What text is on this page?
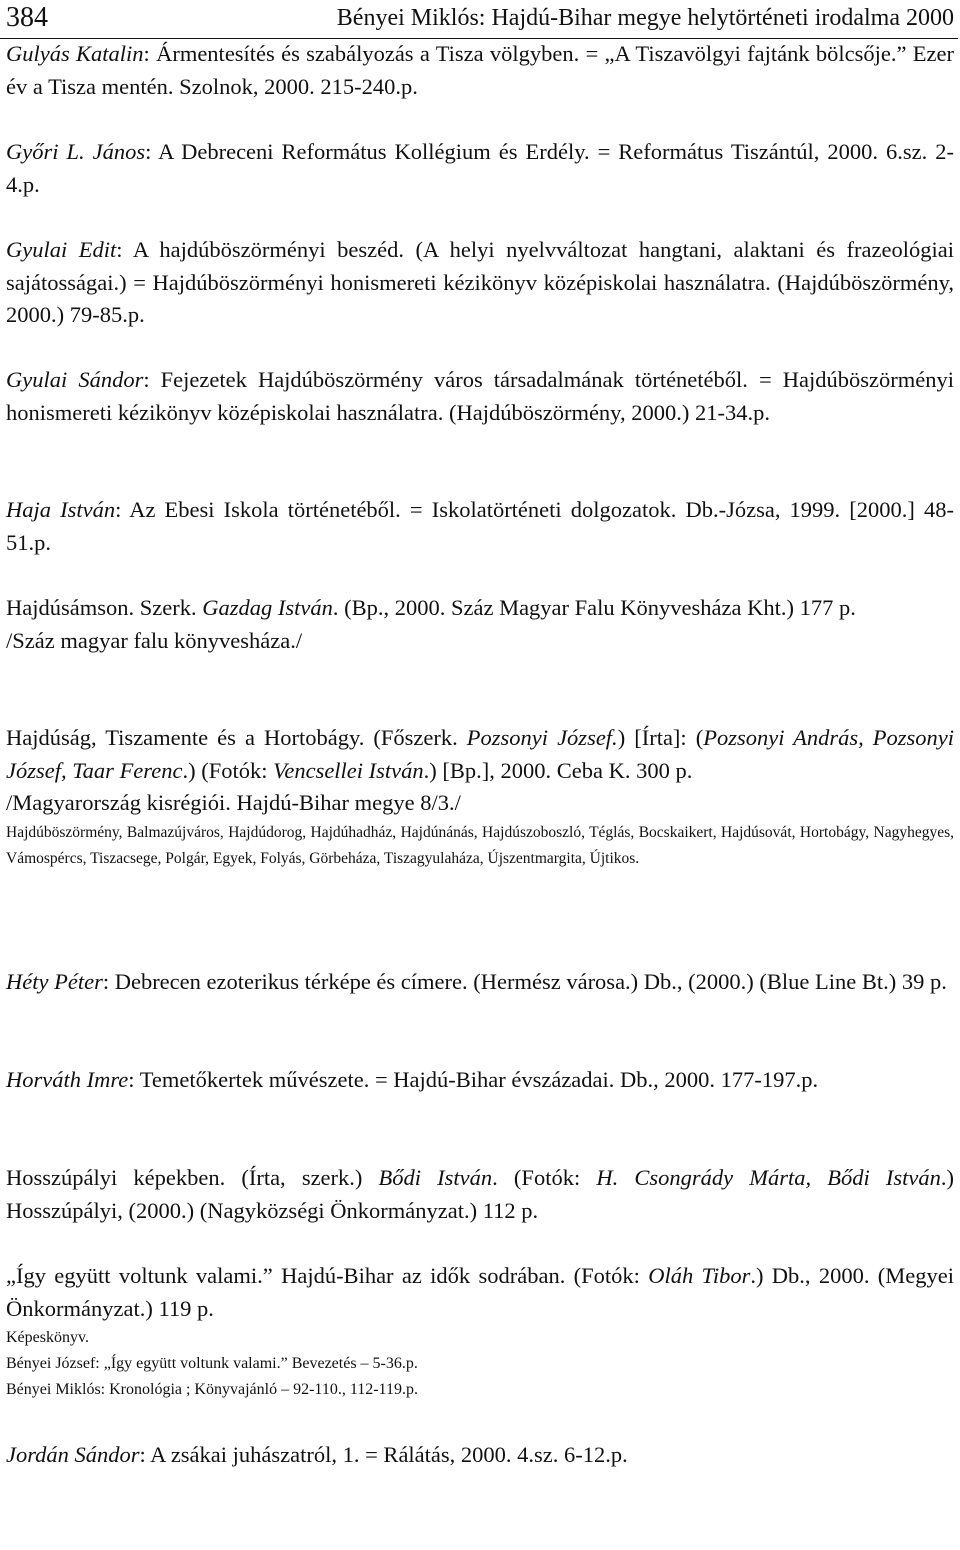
384	Bényei Miklós: Hajdú-Bihar megye helytörténeti irodalma 2000

Gulyás Katalin: Ármentesítés és szabályozás a Tisza völgyben. = „A Tiszavölgyi fajtánk bölcsője.” Ezer év a Tisza mentén. Szolnok, 2000. 215-240.p.

Győri L. János: A Debreceni Református Kollégium és Erdély. = Református Tiszántúl, 2000. 6.sz. 2-4.p.

Gyulai Edit: A hajdúböszörményi beszéd. (A helyi nyelvváltozat hangtani, alaktani és frazeológiai sajátosságai.) = Hajdúböszörményi honismereti kézikönyv középiskolai használatra. (Hajdúböszörmény, 2000.) 79-85.p.

Gyulai Sándor: Fejezetek Hajdúböszörmény város társadalmának történetéből. = Hajdúböszörményi honismereti kézikönyv középiskolai használatra. (Hajdúböszörmény, 2000.) 21-34.p.

Haja István: Az Ebesi Iskola történetéből. = Iskolatörténeti dolgozatok. Db.-Józsa, 1999. [2000.] 48-51.p.

Hajdúsámson. Szerk. Gazdag István. (Bp., 2000. Száz Magyar Falu Könyvesháza Kht.) 177 p.

/Száz magyar falu könyvesháza./

Hajdúság, Tiszamente és a Hortobágy. (Főszerk. Pozsonyi József.) [Írta]: (Pozsonyi András, Pozsonyi József, Taar Ferenc.) (Fotók: Vencsellei István.) [Bp.], 2000. Ceba K. 300 p.

/Magyarország kisrégiói. Hajdú-Bihar megye 8/3./

Hajdúböszörmény, Balmazújváros, Hajdúdorog, Hajdúhadház, Hajdúnánás, Hajdúszoboszló, Téglás, Bocskaikert, Hajdúsovát, Hortobágy, Nagyhegyes, Vámospércs, Tiszacsege, Polgár, Egyek, Folyás, Görbeháza, Tiszagyulaháza, Újszentmargita, Újtikos.

Héty Péter: Debrecen ezoterikus térképe és címere. (Hermész városa.) Db., (2000.) (Blue Line Bt.) 39 p.

Horváth Imre: Temetőkertek művészete. = Hajdú-Bihar évszázadai. Db., 2000. 177-197.p.

Hosszúpályi képekben. (Írta, szerk.) Bődi István. (Fotók: H. Csongrády Márta, Bődi István.) Hosszúpályi, (2000.) (Nagyközségi Önkormányzat.) 112 p.

„Így együtt voltunk valami.” Hajdú-Bihar az idők sodrában. (Fotók: Oláh Tibor.) Db., 2000. (Megyei Önkormányzat.) 119 p.

Képeskönyv.

Bényei József: „Így együtt voltunk valami.” Bevezetés – 5-36.p.

Bényei Miklós: Kronológia ; Könyvajánló – 92-110., 112-119.p.

Jordán Sándor: A zsákai juhászatról, 1. = Rálátás, 2000. 4.sz. 6-12.p.
